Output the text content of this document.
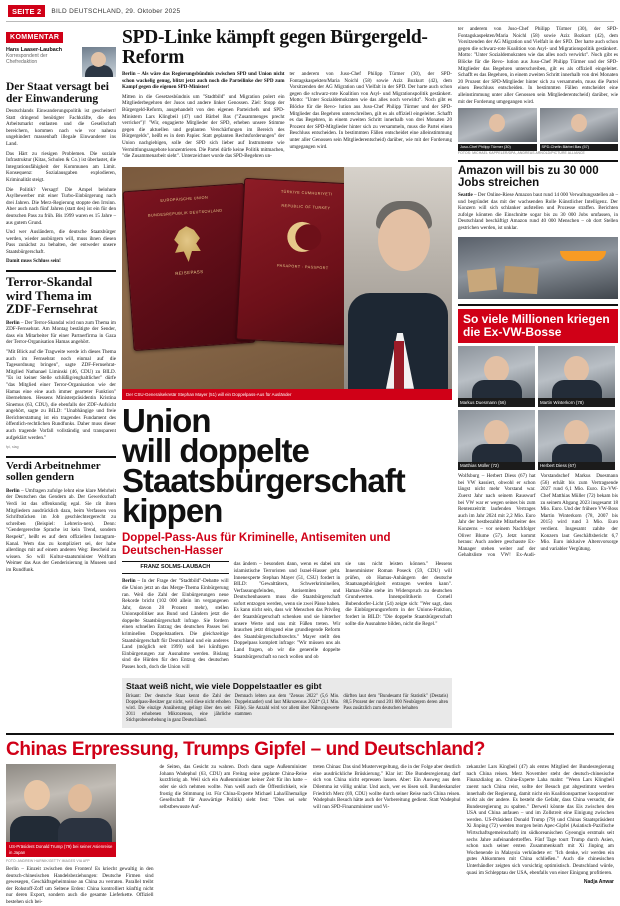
SEITE 2	BILD DEUTSCHLAND, 29. Oktober 2025
KOMMENTAR
Hans Laaser-Laubach
Korrespondent der Chefredaktion
Der Staat versagt bei der Einwanderung

Deutschlands Einwanderungspolitik ist gescheitert! Statt dringend benötigter Fachkräfte, die den Arbeitsmarkt entlasten und die Gesellschaft bereichern, kommen nach wie vor nahezu ungehindert massenhaft illegale Einwanderer ins Land.

Das Härt zu riesigen Problemen. Die soziale Infrastruktur (Kitas, Schulen & Co.) ist überlastet, die Integrationsfähigkeit der Kommunen am Limit. Konsequenz: Sozialausgaben explodieren, Kriminalität steigt.

Die Politik? Versagt! Die Ampel belohnte Asylbewerber mit einer Turbo-Einbürgerung nach drei Jahren. Die Merz-Regierung stoppte den Irrsinn. Aber auch nach fünf Jahren (statt des) ist ein für den deutschen Pass zu früh. Bis 1999 waren es 15 Jahre – aus gutem Grund.

Und wer Ausländern, die deutsche Staatsbürger werden, wieder ausbürgern will, muss ihnen diesen Pass zunächst zu behalten, der entweder unsere Staatsbürgerschaft.

Damit muss Schluss sein!

Terror-Skandal wird Thema im ZDF-Fernsehrat

Berlin – Der Terror-Skandal wird nun zum Thema im ZDF-Fernsehrat. Am Montag bestätigte der Sender, dass ein Mitarbeiter für einer Partnerfirma in Gaza der Terror-Organisation Hamas angehört.

"Mit Blick auf die Tragweite werde ich dieses Thema auch im Fernsehrat noch einmal auf die Tagesordnung bringen", sagte ZDF-Fernsehrat-Mitglied Nathanael Liminski (46, CDU) zu BILD. "Es ist keiner Stelle schlüßig/enghaltlicher" dürfe "das Mitglied einer Terror-Organisation wie der Hamas eine eine auch immer gearteter Funktion" übernehmen. Hessens Ministerpräsidentin Kristina Sinemus (63, CDU), die ebenfalls der ZDF-Aufsicht angehört, sagte zu BILD: "Unabhängige und freie Berichterstattung ist ein tragendes Fundament des öffentlich-rechtlichen Rundfunks. Daher muss dieser auch tragende Vorfall vollständig und transparent aufgeklärt werden."

fpi, slag

Verdi Arbeitnehmer sollen gendern

Berlin – Umfragen zufolge lehnt eine klare Mehrheit der Deutschen das Gendern ab. Der Gewerkschaft Verdi ist das offenkundig egal. Sie rät ihren Mitgliedern ausdrücklich dazu, beim Verfassen von Schriftstücken im Job geschlechtergerecht zu schreiben (Beispiel: Lehrerin-nen). Denn: "Gendergerechte Sprache ist kein Trend, sondern Respekt", heißt es auf dem offiziellen Instagram-Kanal. Wem das zu kompliziert sei, der habe allerdings mit auf einem anderen Weg: Bescheid zu wissen. So will Kultur-staatsminister Wolfram Weimer das Aus der Genderisierung in Museen und im Rundfunk.

SPD-Linke kämpft gegen Bürgergeld-Reform

Berlin – Als wäre das Regierungsbündnis zwischen SPD und Union nicht schon wackelig genug, blitzt jetzt auch noch die Parteilinke der SPD zum Kampf gegen die eigenen SPD-Minister!

Mitten in die Gesetzesbündnis um "Stadtbild" und Migration polert ein Mitgliederbegehren der Jusos und andere linker Genossen. Ziel: Stopp der Bürgergeld-Reform, ausgehandelt von den eigenen Parteichefs und SPD-Ministern Lars Klingbeil (47) und Bärbel Bas ("Zusammenges precht verricker")! "Wir, engagierte Mitglieder der SPD, erheben unsere Stimme gegen die aktuellen und geplanten Verschärfungen im Bereich des Bürgergelds", heißt es in dem Papier. Statt geplanten Rechtsforderungen" der Union nachgiebigen, solle der SPD sich lieber auf Instrumente wie Vermittlungsangebote konzentrieren. Die Partei dürfe keine Politik mitmachen, "die Zusammenarbeit sieht". Unterzeichnet wurde das SPD-Begehren un-

ter anderem von Juso-Chef Philipp Türmer (30), der SPD-Fontagskaspekten/Maria Noichl (58) sowie Aziz Bozkurt (42), dem Vorsitzenden der AG Migration und Vielfalt in der SPD. Der harte auch schon gegen die schwarz-rote Koalition von Asyl- und Migrationspolitik gestänkert. Motto: "Unter Sozialdemokraten wie das alles noch verwirkt". Noch gibt es Blöcke für die Revo- lution aus Juso-Chef Philipp Türmer und der SPD-Mitglieder das Begehren unterschreiben, gilt es als offiziell eingeleitet. Schafft es das Begehren, in einem zweiten Schritt innerhalb von drei Monaten 20 Prozent der SPD-Mitglieder hinter sich zu versammeln, muss die Partei einen Beschluss entscheiden. In bestimmten Fällen entscheidet eine alleinstimmung unter aller Genossen sein Mitgliederentscheid) darüber, wie mit der Forderung umgegangen wird.

EUROPÄISCHE UNION
BUNDESREPUBLIK DEUTSCHLAND
REISEPASS
TÜRKIYE CUMHURIYETI
REPUBLIC OF TURKEY
PASAPORT · PASSPORT
Der CSU-Generalsekretär Stephan Mayer (51) will ein Doppelpass-Aus für Ausländer
Union
will doppelte
Staatsbürgerschaft
kippen
Doppel-Pass-Aus für Kriminelle, Antisemiten und Deutschen-Hasser
FRANZ SOLMS-LAUBACH

Berlin – In der Frage der "Stadtbild"-Debatte will die Union jetzt an das Merge-Thema Einbürgerung ran. Weil die Zahl der Einbürgerungen neue Rekorde bricht (102 000 allein im vergangenen Jahr, davon 28 Prozent mehr), stellen Unionspolitiker aus Bund und Ländern jetzt die doppelte Staatsbürgerschaft infrage. Sie fordern einen schnellen Entzug des deutschen Passes bei kriminellen Doppelstaatlern. Die gleichzeitige Staatsbürgerschaft für Deutschland und ein anderes Land (möglich seit 1999) soll bei künftigen Einbürgerungen zur Ausnahme werden. Bislang sind die Hürden für den Entzug des deutschen Passes hoch, doch die Union will

das ändern – besonders dann, wenn es dabei um islamistische Terroristen und Israel-Hasser geht. Innenexperte Stephan Mayer (51, CSU) fordert in BILD: "Gewalttätern, Schwerkriminellen, Verfassungsfeinden, Antisemiten und Deutschenhassern muss die Staatsbürgerschaft sofort entzogen werden, wenn sie zwei Pässe haben. Es kann nicht sein, dass wir Menschen das Privileg der Staatsbürgerschaft schenken und sie hinterher unsere Werte und uns mit Füßen treten. Wir brauchen jetzt dringend eine grundlegende Reform des Staatsbürgerschaftsrechts." Mayer stellt den Doppelpass komplett infrage: "Wir müssen uns als Land fragen, ob wir die generelle doppelte Staatsbürgerschaft so noch wollen und ob

sie uns nicht leisten können." Hessens Innenminister Roman Poseck (59, CDU) will prüfen, ob Hamas-Anhängern der deutsche Staatsangehörigkeit entzogen werden kann". Hamas-Nähe stehe im Widerspruch zu deutschen Grundwerten. Innenpolitikerin Cornell Bubendorfer-Licht (54) zeigte sich: "Wer sagt, dass die Einbürgerungsreform in der Unions-Fraktion, fordert in BILD: "Die doppelte Staatsbürgerschaft sollte die Ausnahme bilden, nicht die Regel."

Staat weiß nicht, wie viele Doppelstaatler es gibt
Brisant: Der deutsche Staat kennt die Zahl der Doppelpass-Besitzer gar nicht, weil diese nicht erhoben wird. Die einzige Annäherung gelingt über den seit 2011 erhobenen Mikrozensus, eine jährliche Stichprobenerhebung in ganz Deutschland.
Demnach lebten aus dem "Zensus 2022" (5,6 Mio. Doppelstaatler) und laut Mikrozensus 2024* (3,1 Mio. Fälle). Sie Anzahl wird vor allem über Nährungswerte stammen
dürften laut dem "Bundesamt für Statistik" (Destatis) 88,5 Prozent der rund 201 000 Neubürgern deren alten Pass zusätzlich zum deutschen behalten

ter anderem von Juso-Chef Philipp Türmer (30), der SPD-Fontagskaspekten/Maria Noichl (58) sowie Aziz Bozkurt (42), dem Vorsitzenden der AG Migration und Vielfalt in der SPD. Der harte auch schon gegen die schwarz-rote Koalition von Asyl- und Migrationspolitik gestänkert. Motto: "Unter Sozialdemokraten wie das alles noch verwirkt". Noch gibt es Blöcke für die Revo- lution aus Juso-Chef Philipp Türmer und der SPD-Mitglieder das Begehren unterschreiben, gilt es als offiziell eingeleitet. Schafft es das Begehren, in einem zweiten Schritt innerhalb von drei Monaten 20 Prozent der SPD-Mitglieder hinter sich zu versammeln, muss die Partei einen Beschluss entscheiden. In bestimmten Fällen entscheidet eine alleinstimmung unter aller Genossen sein Mitgliederentscheid) darüber, wie mit der Forderung umgegangen wird.

Juso-Chef Philipp Türmer (30)	SPD-Chefin Bärbel Bas (57)
FOTOS: MICHAEL KAPPELER/DPA, ANDREAS ARNOLD/PICTURE ALLIANCE
Amazon will bis zu 30 000 Jobs streichen

Seattle – Der Online-Riese Amazon baut rund 14 000 Verwaltungsstellen ab – und begründet das mit der wachsenden Rolle Künstlicher Intelligenz. Der Konzern will sich schlanker aufstellen und Prozesse straffen. Berichten zufolge könnten die Einschnitte sogar bis zu 30 000 Jobs umfassen, in Deutschland beschäftigt Amazon rund 40 000 Menschen – ob dort Stellen gestrichen werden, ist unklar.

So viele Millionen kriegen die Ex-VW-Bosse
Markus Duesmann (56)	Martin Winterkorn (78)
Matthias Müller (72)	Herbert Diess (67)
Wolfsburg – Herbert Diess (67) hat bei VW kassiert, obwohl er schon längst nicht mehr Vorstand war. Zuerst Jahr nach seinem Rauswurf bei VW war er wegen seines bis zum Rentenzeitritt laufenden Vertrages auch im Jahr 2024 mit 2,2 Mio. Euro Jahr der bestbezahlte Mitarbeiter des Konzerns – vor seinem Nachfolger Oliver Blume (57). Jetzt kommt heraus: Auch andere geschasste Ex-Manager stehen weiter auf der Gehaltsliste von VW! Ex-Audi-Vorstandschef Markus Duesmann (56) erhält bis zum Vertragsende 2027 rund 6,1 Mio. Euro. Ex-VW-Chef Matthias Müller (72) bekam bis zu seinem Abgang 2023 insgesamt 18 Mio. Euro. Und der frühere VW-Boss Martin Winterkorn (78, 2007 bis 2015) wird rund 3 Mio. Euro verdient. Insgesamt zahlte der Konzern laut Geschäftsbericht 6,7 Mio. Euro inklusive Altersvorsorge und variabler Vergütung.
Chinas Erpressung, Trumps Gipfel – und Deutschland?
US-Präsident Donald Trump (79) bei seiner Asienreise in Japan
FOTO: ANDREW HARNIK/GETTY IMAGES VIA AFP
Berlin – Einzeit zwischen den Fronten! Es kriecht gewaltig in den deutsch-chinesischen Handelsbeziehungen: Deutsche Firmen sind gewesegen, Geschäftsgeheimnisse an China zu verraten. Parallel treibt der Rohstoff-Zoff um Seltene Erden: China kontrolliert künftig nicht nur deren Export, sondern auch die gesamte Lieferkette. Offiziell bestehen sich bei-
de Seiten, das Gesicht zu wahren. Doch dann sagte Außenminister Johann Wadephul (63, CDU) am Freitag seine geplante China-Reise kurzfristig ab. Weil sich ein Außenminister keiner Zeit für ihn hatte – oder sie sich nehmen wollte. Nun weiß auch die Öffentlichkeit, wie frostig die Stimmung ist. Für China-Experte Michael Laha/Ehemalige Gesellschaft für Auswärtige Politik) sieht fest: "Dies sei sehr selbstbewusste Auf-
treten Chinas: Das sind Mustervergeltung, die in der Folge aber deutlich eine ausdrückliche Brüskierung." Klar ist: Die Bundesregierung darf sich von China nicht erpressen lassen. Aber: Ein Ausweg aus dem Dilemma ist völlig unklar. Und auch, wer es lösen soll. Bundeskanzler Friedrich Merz (69, CDU) wollte durch seiner Reise nach China reisen. Wadephuls Besuch hätte auch der Vorbereitung gedient. Statt Wadephul will nun SPD-Finanzminister und Vi-
zekanzler Lars Kingbeil (47) als erstes Mitglied der Bundesregierung nach China reisen. Merz November steht der deutsch-chinesische Finanzdialog an. China-Experte Laha malnt: "Wenn Lars Klingbeil zuerst nach China reist, sollte der Besuch gut abgestimmt werden innerhalb der Regierung, damit nicht ein Koalitionspartner kooperativer wirkt als der andere. Es besteht die Gefahr, dass China versucht, die Bundesregierung zu spalten." Derweil könnte das Eis zwischen den USA und China anfauen – und im Zollstreit eine Einigung zwischen werden. US-Präsident Donald Trump (79) und Chinas Staatspräsident Xi Jinping (72) werden morgen beim Apec-Gipfel (Asiatisch-Pazifische Wirtschaftsgemeinschaft) im südkoreanischen Gyeongju erstmals seit sechs Jahre aufeinandertreffen. Fünf Tage tourt Trump durch Asien, schon nach seiner ersten Zusammenkunft mit Xi Jinping am Wochenende in Malaysia verkündete er: "Ich denke, wir werden ein gutes Abkommen mit China schließen." Auch die chinesischen Unterhändler zeigten sich vorsichtig optimistisch. Deutschland würde, quasi im Schlepptau der USA, ebenfalls von einer Einigung profitieren.
Nadja Anwar
